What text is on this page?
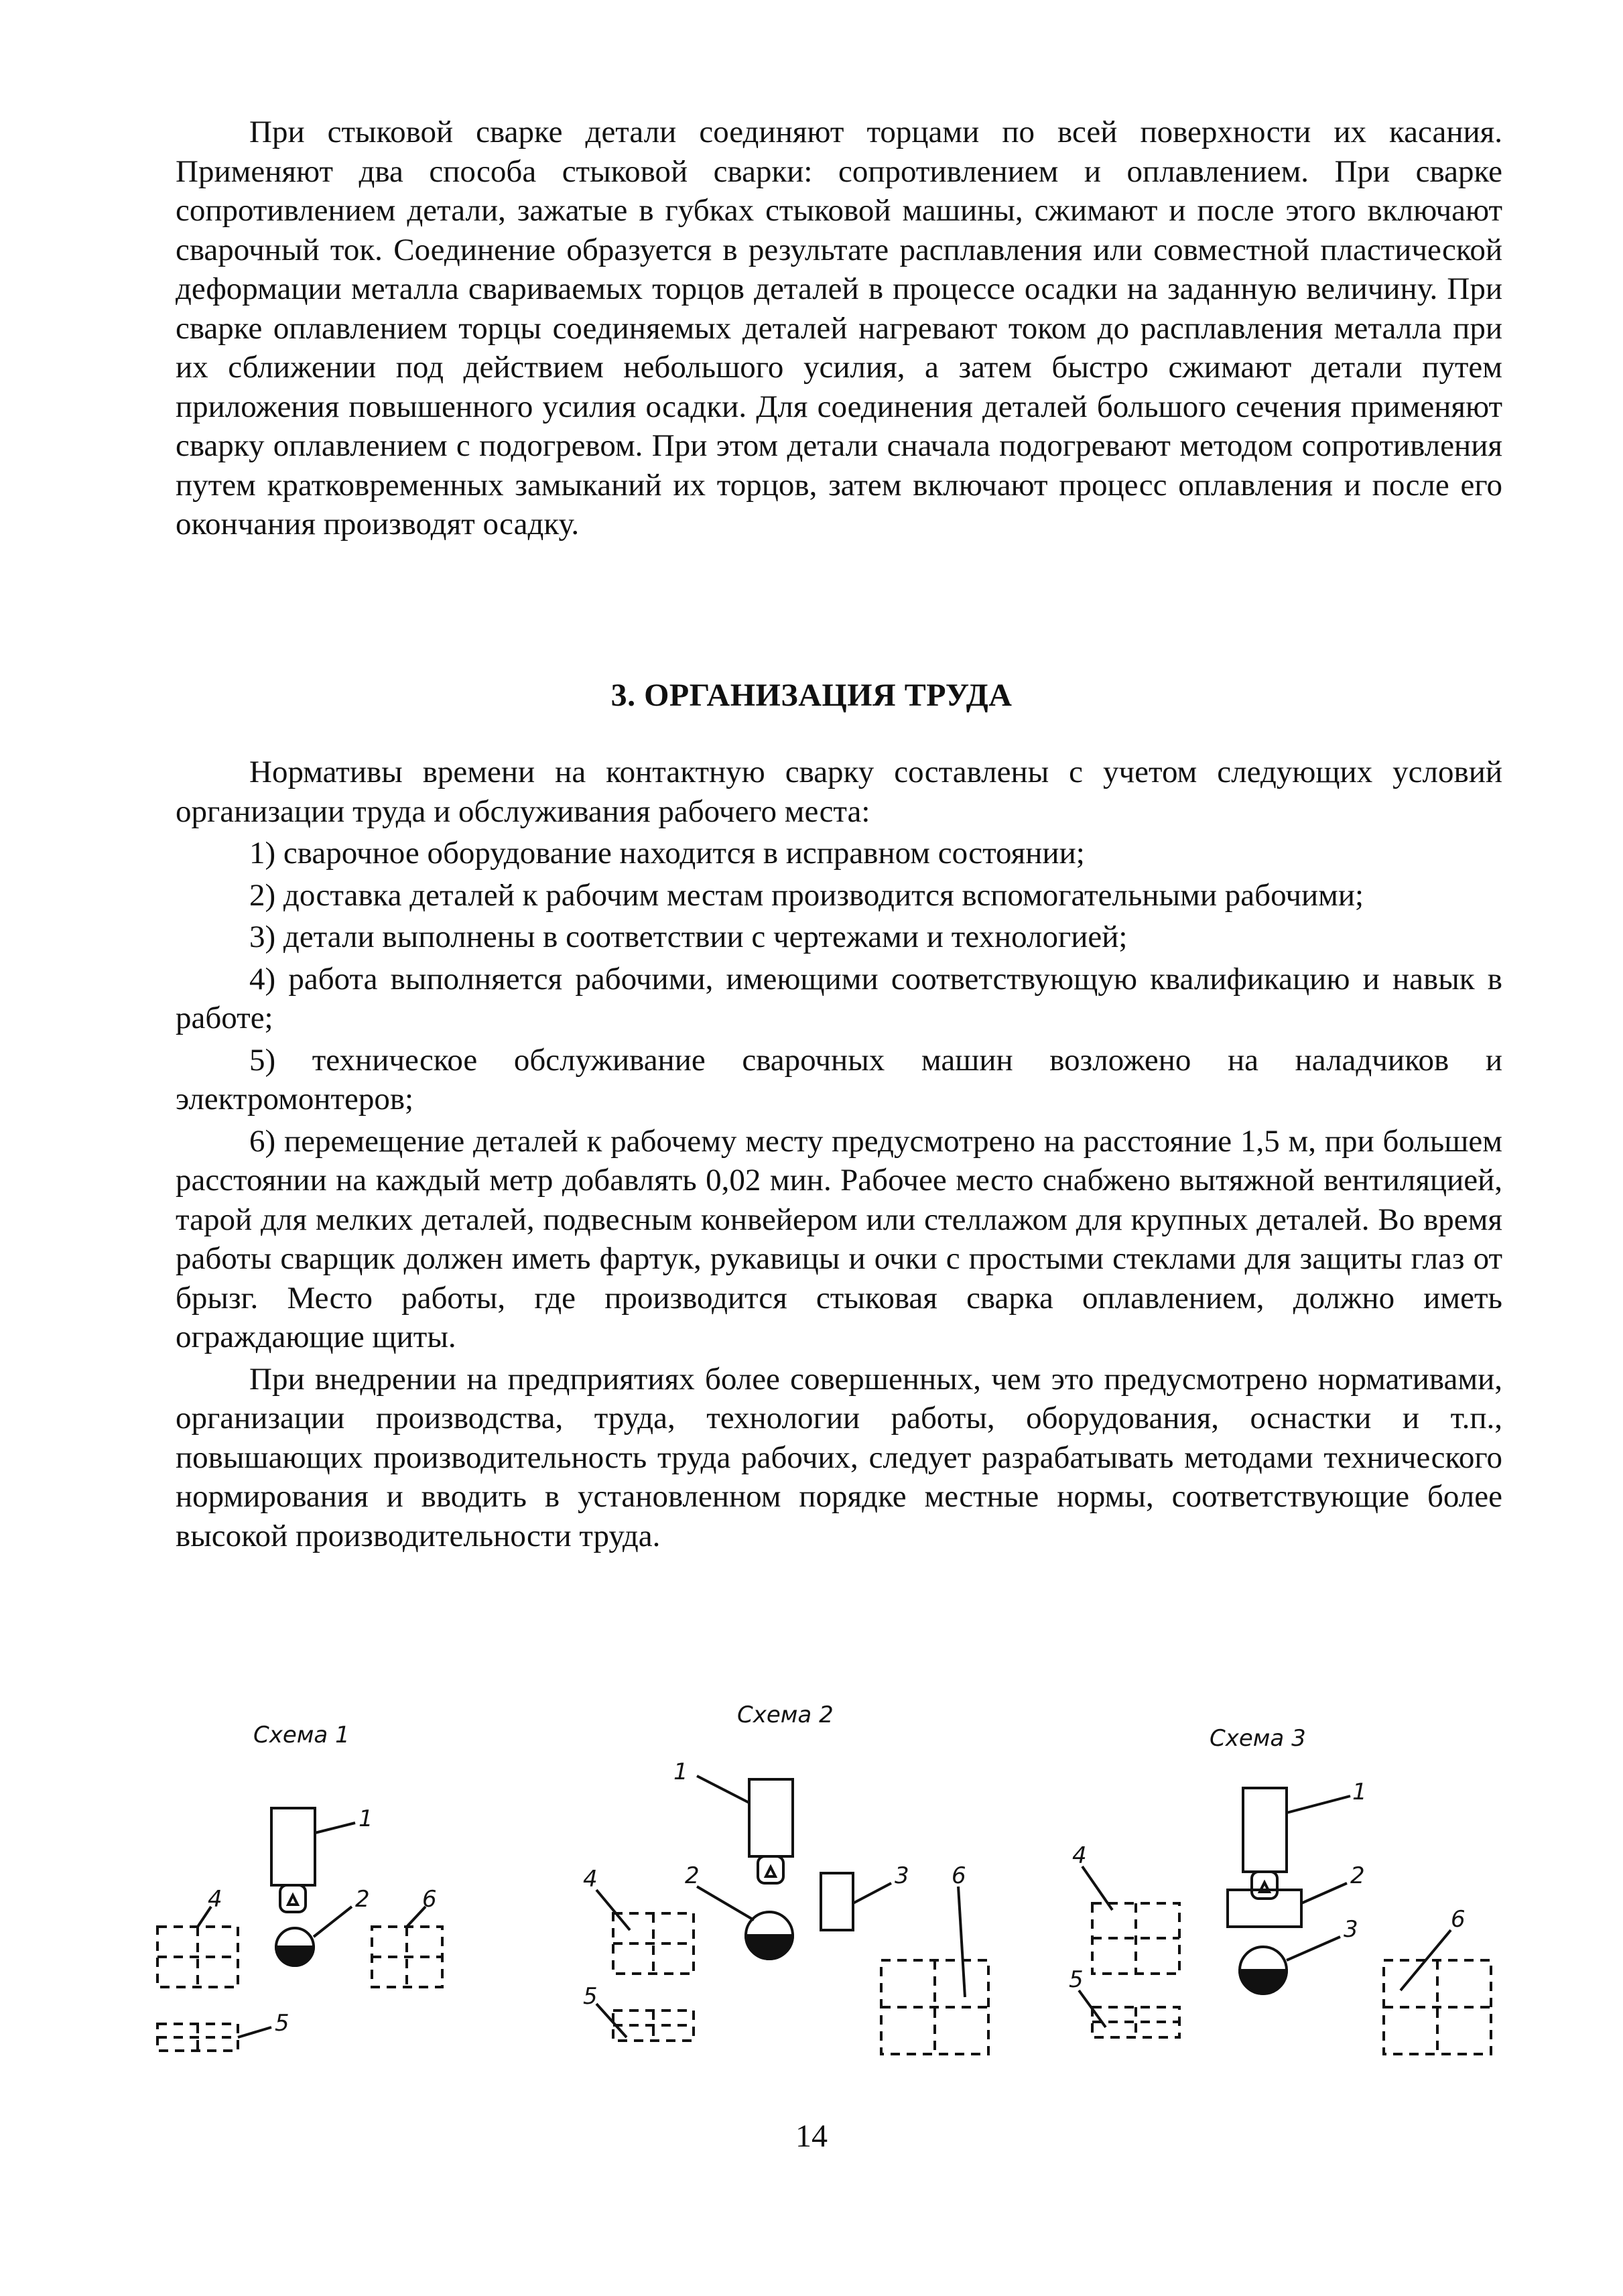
При стыковой сварке детали соединяют торцами по всей поверхности их касания. Применяют два способа стыковой сварки: сопротивлением и оплавлением. При сварке сопротивлением детали, зажатые в губках стыковой машины, сжимают и после этого включают сварочный ток. Соединение образуется в результате расплавления или совместной пластической деформации металла свариваемых торцов деталей в процессе осадки на заданную величину. При сварке оплавлением торцы соединяемых деталей нагревают током до расплавления металла при их сближении под действием небольшого усилия, а затем быстро сжимают детали путем приложения повышенного усилия осадки. Для соединения деталей большого сечения применяют сварку оплавлением с подогревом. При этом детали сначала подогревают методом сопротивления путем кратковременных замыканий их торцов, затем включают процесс оплавления и после его окончания производят осадку.

3. ОРГАНИЗАЦИЯ ТРУДА

Нормативы времени на контактную сварку составлены с учетом следующих условий организации труда и обслуживания рабочего места:

1) сварочное оборудование находится в исправном состоянии;

2) доставка деталей к рабочим местам производится вспомогательными рабочими;

3) детали выполнены в соответствии с чертежами и технологией;

4) работа выполняется рабочими, имеющими соответствующую квалификацию и навык в работе;

5) техническое обслуживание сварочных машин возложено на наладчиков и электромонтеров;

6) перемещение деталей к рабочему месту предусмотрено на расстояние 1,5 м, при большем расстоянии на каждый метр добавлять 0,02 мин. Рабочее место снабжено вытяжной вентиляцией, тарой для мелких деталей, подвесным конвейером или стеллажом для крупных деталей. Во время работы сварщик должен иметь фартук, рукавицы и очки с простыми стеклами для защиты глаз от брызг. Место работы, где производится стыковая сварка оплавлением, должно иметь ограждающие щиты.

При внедрении на предприятиях более совершенных, чем это предусмотрено нормативами, организации производства, труда, технологии работы, оборудования, оснастки и т.п., повышающих производительность труда рабочих, следует разрабатывать методами технического нормирования и вводить в установленном порядке местные нормы, соответствующие более высокой производительности труда.

Схема 1
1
2
4
5
6
Схема 2
1
2	3
4
5
6
Схема 3
1
2
3
4
5
6
14
